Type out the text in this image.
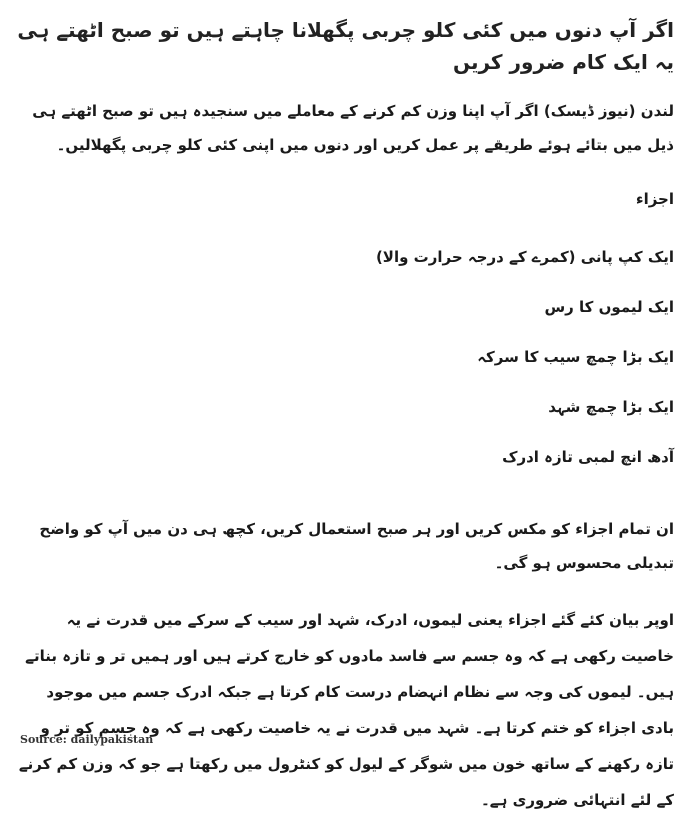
اگر آپ دنوں میں کئی کلو چربی پگھلانا چاہتے ہیں تو صبح اٹھتے ہی یہ ایک کام ضرور کریں

لندن (نیوز ڈیسک) اگر آپ اپنا وزن کم کرنے کے معاملے میں سنجیدہ ہیں تو صبح اٹھتے ہی ذیل میں بتائے ہوئے طریقے پر عمل کریں اور دنوں میں اپنی کئی کلو چربی پگھلالیں۔

اجزاء

ایک کپ پانی (کمرے کے درجہ حرارت والا)
ایک لیموں کا رس
ایک بڑا چمچ سیب کا سرکہ
ایک بڑا چمچ شہد
آدھ انچ لمبی تازہ ادرک

ان تمام اجزاء کو مکس کریں اور ہر صبح استعمال کریں، کچھ ہی دن میں آپ کو واضح تبدیلی محسوس ہو گی۔

اوپر بیان کئے گئے اجزاء یعنی لیموں، ادرک، شہد اور سیب کے سرکے میں قدرت نے یہ خاصیت رکھی ہے کہ وہ جسم سے فاسد مادوں کو خارج کرتے ہیں اور ہمیں تر و تازہ بناتے ہیں۔ لیموں کی وجہ سے نظام انہضام درست کام کرتا ہے جبکہ ادرک جسم میں موجود بادی اجزاء کو ختم کرتا ہے۔ شہد میں قدرت نے یہ خاصیت رکھی ہے کہ وہ جسم کو تر و تازہ رکھنے کے ساتھ خون میں شوگر کے لیول کو کنٹرول میں رکھتا ہے جو کہ وزن کم کرنے کے لئے انتہائی ضروری ہے۔

Source: dailypakistan
